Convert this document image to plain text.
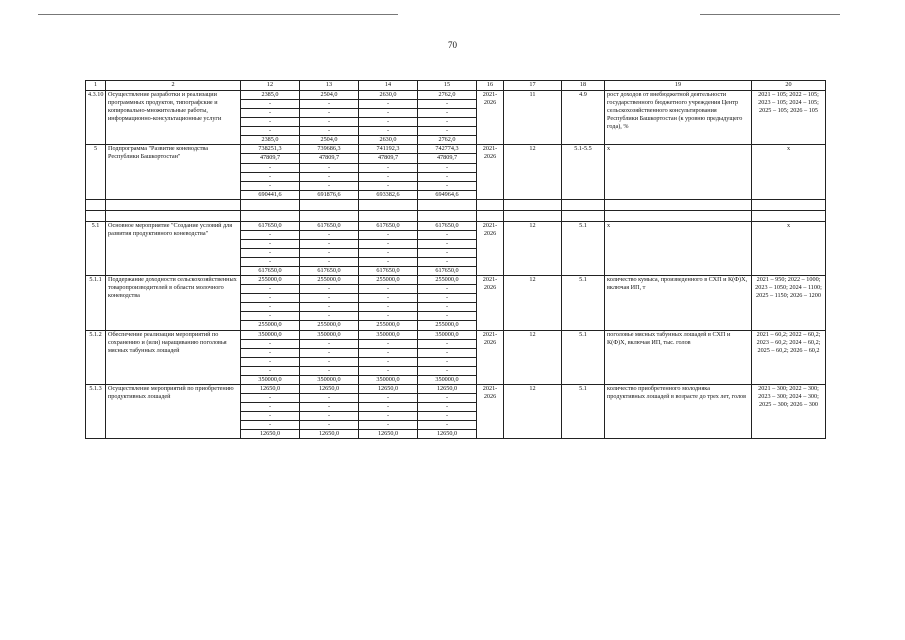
70
1	2	12	13	14	15	16	17	18	19	20
4.3.10	Осуществление разработки и реализации программных продуктов, типографские и копировально-множительные работы, информационно-консультационные услуги	2385,0	2504,0	2630,0	2762,0	2021-2026	11	4.9	рост доходов от внебюджетной деятельности государственного бюджетного учреждения Центр сельскохозяйственного консультирования Республики Башкортостан (к уровню предыдущего года), %	2021 – 105; 2022 – 105; 2023 – 105; 2024 – 105; 2025 – 105; 2026 – 105
		-	-	-	-					
		-	-	-	-					
		-	-	-	-					
		-	-	-	-					
		2385,0	2504,0	2630,0	2762,0					
5	Подпрограмма "Развитие коневодства Республики Башкортостан"	738251,3	739686,3	741192,3	742774,3	2021-2026	12	5.1-5.5	х	х
		47809,7	47809,7	47809,7	47809,7					
		-	-	-	-					
		-	-	-	-					
		-	-	-	-					
		690441,6	691876,6	693382,6	694964,6					

5.1	Основное мероприятие "Создание условий для развития продуктивного коневодства"	617650,0	617650,0	617650,0	617650,0	2021-2026	12	5.1	х	х
		-	-	-	-					
		-	-	-	-					
		-	-	-	-					
		-	-	-	-					
		617650,0	617650,0	617650,0	617650,0					
5.1.1	Поддержание доходности сельскохозяйственных товаропроизводителей в области молочного коневодства	255000,0	255000,0	255000,0	255000,0	2021-2026	12	5.1	количество кумыса, произведенного в СХП и К(Ф)Х, включая ИП, т	2021 – 950; 2022 – 1000; 2023 – 1050; 2024 – 1100; 2025 – 1150; 2026 – 1200
		-	-	-	-					
		-	-	-	-					
		-	-	-	-					
		-	-	-	-					
		255000,0	255000,0	255000,0	255000,0					
5.1.2	Обеспечение реализации мероприятий по сохранению и (или) наращиванию поголовья мясных табунных лошадей	350000,0	350000,0	350000,0	350000,0	2021-2026	12	5.1	поголовье мясных табунных лошадей в СХП и К(Ф)Х, включая ИП, тыс. голов	2021 – 60,2; 2022 – 60,2; 2023 – 60,2; 2024 – 60,2; 2025 – 60,2; 2026 – 60,2
		-	-	-	-					
		-	-	-	-					
		-	-	-	-					
		-	-	-	-					
		350000,0	350000,0	350000,0	350000,0					
5.1.3	Осуществление мероприятий по приобретению продуктивных лошадей	12650,0	12650,0	12650,0	12650,0	2021-2026	12	5.1	количество приобретенного молодняка продуктивных лошадей в возрасте до трех лет, голов	2021 – 300; 2022 – 300; 2023 – 300; 2024 – 300; 2025 – 300; 2026 – 300
		-	-	-	-					
		-	-	-	-					
		-	-	-	-					
		-	-	-	-					
		12650,0	12650,0	12650,0	12650,0					
